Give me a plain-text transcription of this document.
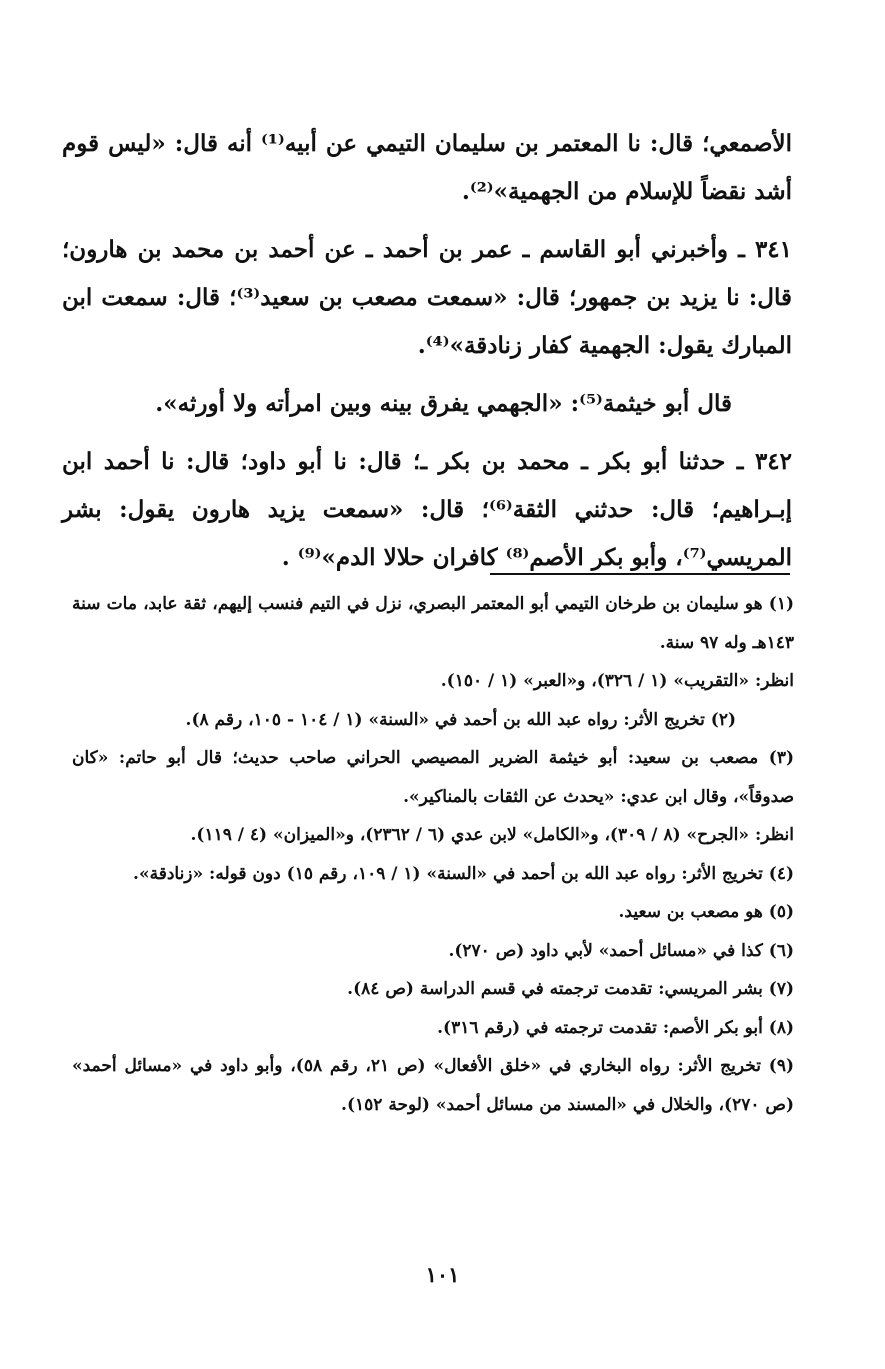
الأصمعي؛ قال: نا المعتمر بن سليمان التيمي عن أبيه⁽¹⁾ أنه قال: «ليس قوم أشد نقضاً للإسلام من الجهمية»⁽²⁾.

٣٤١ ـ وأخبرني أبو القاسم ـ عمر بن أحمد ـ عن أحمد بن محمد بن هارون؛ قال: نا يزيد بن جمهور؛ قال: «سمعت مصعب بن سعيد⁽³⁾؛ قال: سمعت ابن المبارك يقول: الجهمية كفار زنادقة»⁽⁴⁾.

قال أبو خيثمة⁽⁵⁾: «الجهمي يفرق بينه وبين امرأته ولا أورثه».

٣٤٢ ـ حدثنا أبو بكر ـ محمد بن بكر ـ؛ قال: نا أبو داود؛ قال: نا أحمد ابن إبـراهيم؛ قال: حدثني الثقة⁽⁶⁾؛ قال: «سمعت يزيد هارون يقول: بشر المريسي⁽⁷⁾، وأبو بكر الأصم⁽⁸⁾ كافران حلالا الدم»⁽⁹⁾ .

(١) هو سليمان بن طرخان التيمي أبو المعتمر البصري، نزل في التيم فنسب إليهم، ثقة عابد، مات سنة ١٤٣هـ وله ٩٧ سنة.

انظر: «التقريب» (١ / ٣٢٦)، و«العبر» (١ / ١٥٠).

(٢) تخريج الأثر: رواه عبد الله بن أحمد في «السنة» (١ / ١٠٤ - ١٠٥، رقم ٨).

(٣) مصعب بن سعيد: أبو خيثمة الضرير المصيصي الحراني صاحب حديث؛ قال أبو حاتم: «كان صدوقاً»، وقال ابن عدي: «يحدث عن الثقات بالمناكير».

انظر: «الجرح» (٨ / ٣٠٩)، و«الكامل» لابن عدي (٦ / ٢٣٦٢)، و«الميزان» (٤ / ١١٩).

(٤) تخريج الأثر: رواه عبد الله بن أحمد في «السنة» (١ / ١٠٩، رقم ١٥) دون قوله: «زنادقة».

(٥) هو مصعب بن سعيد.

(٦) كذا في «مسائل أحمد» لأبي داود (ص ٢٧٠).

(٧) بشر المريسي: تقدمت ترجمته في قسم الدراسة (ص ٨٤).

(٨) أبو بكر الأصم: تقدمت ترجمته في (رقم ٣١٦).

(٩) تخريج الأثر: رواه البخاري في «خلق الأفعال» (ص ٢١، رقم ٥٨)، وأبو داود في «مسائل أحمد» (ص ٢٧٠)، والخلال في «المسند من مسائل أحمد» (لوحة ١٥٢).

١٠١
